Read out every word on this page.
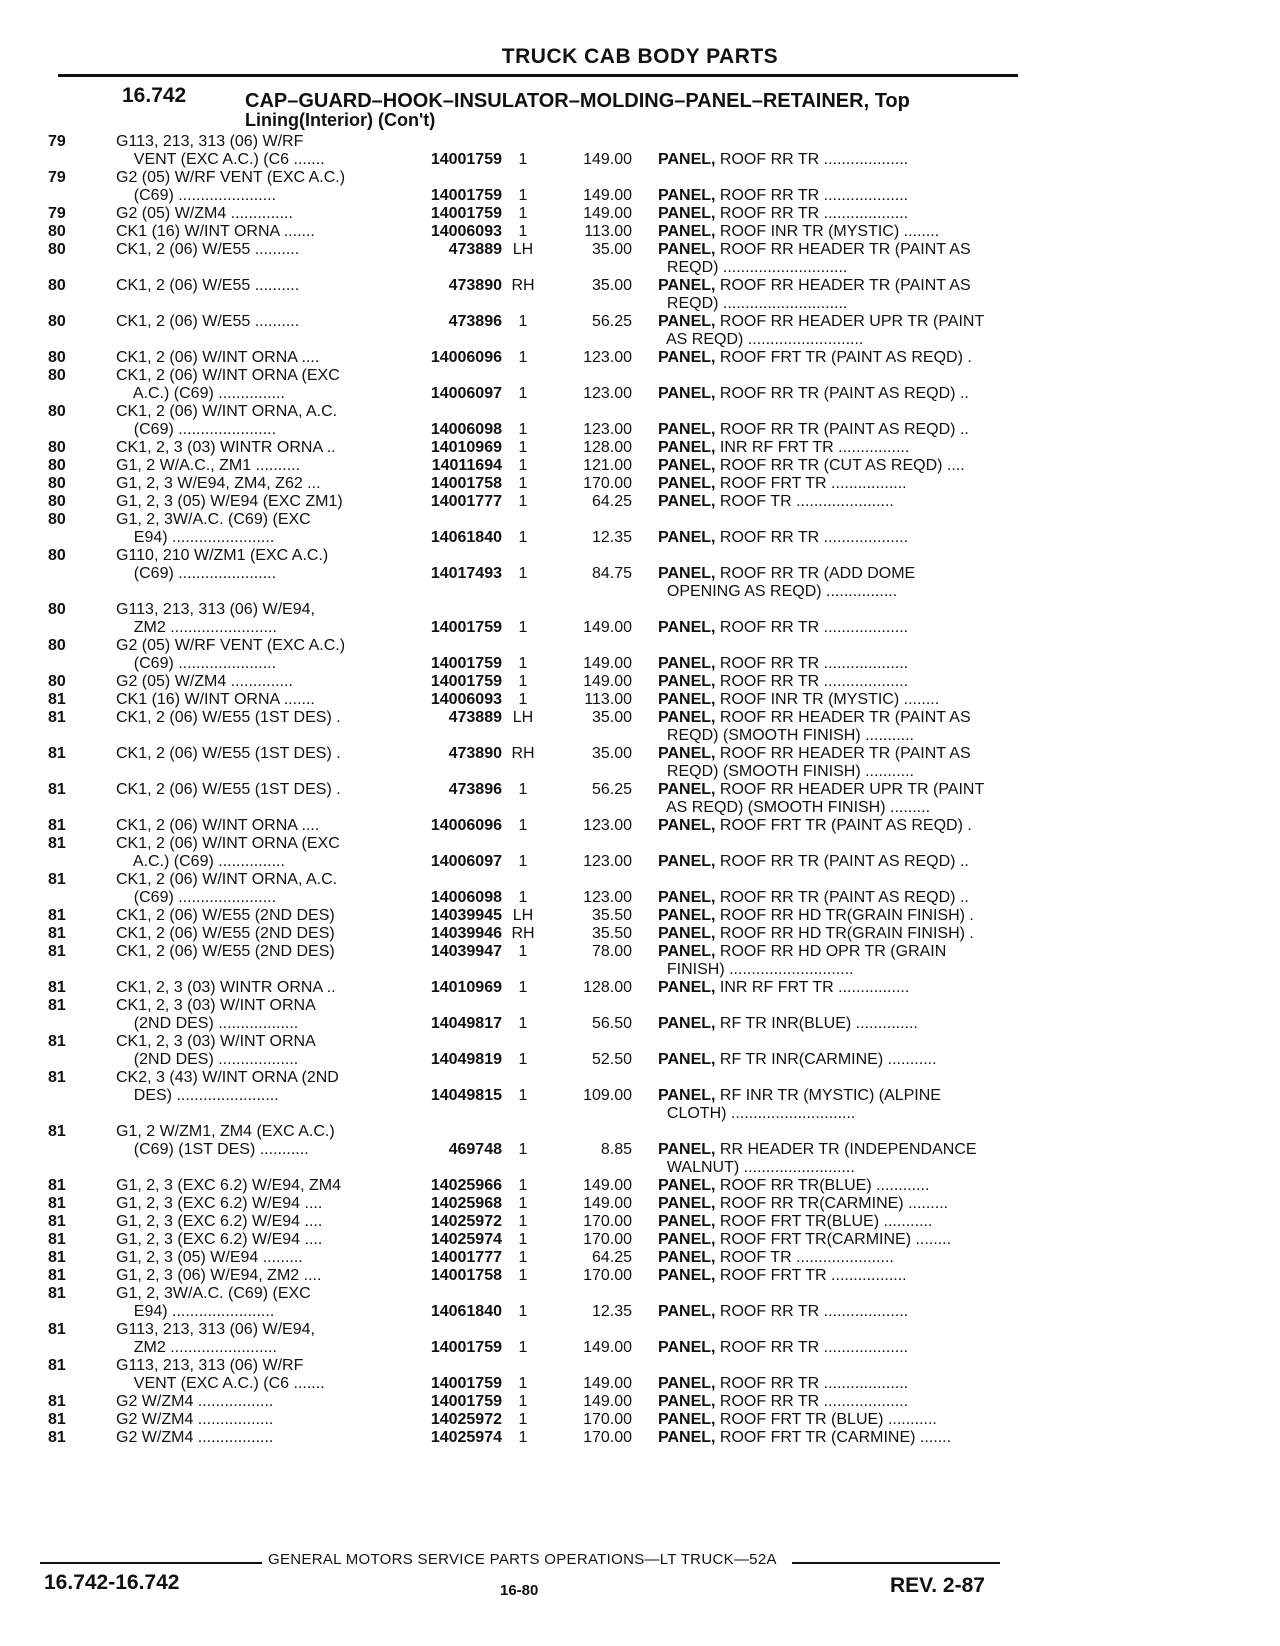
TRUCK CAB BODY PARTS
16.742	CAP–GUARD–HOOK–INSULATOR–MOLDING–PANEL–RETAINER, Top
Lining(Interior) (Con't)
79	G113, 213, 313 (06) W/RF
VENT (EXC A.C.) (C6 .......	14001759	1	149.00	PANEL, ROOF RR TR ...................
79	G2 (05) W/RF VENT (EXC A.C.)
(C69) ......................	14001759	1	149.00	PANEL, ROOF RR TR ...................
79	G2 (05) W/ZM4 ..............	14001759	1	149.00	PANEL, ROOF RR TR ...................
80	CK1 (16) W/INT ORNA .......	14006093	1	113.00	PANEL, ROOF INR TR (MYSTIC) ........
80	CK1, 2 (06) W/E55 ..........	473889 LH	35.00	PANEL, ROOF RR HEADER TR (PAINT AS
REQD) ............................
80	CK1, 2 (06) W/E55 ..........	473890 RH	35.00	PANEL, ROOF RR HEADER TR (PAINT AS
REQD) ............................
80	CK1, 2 (06) W/E55 ..........	473896	1	56.25	PANEL, ROOF RR HEADER UPR TR (PAINT
AS REQD) ..........................
80	CK1, 2 (06) W/INT ORNA ....	14006096	1	123.00	PANEL, ROOF FRT TR (PAINT AS REQD) .
80	CK1, 2 (06) W/INT ORNA (EXC
A.C.) (C69) ...............	14006097	1	123.00	PANEL, ROOF RR TR (PAINT AS REQD) ..
80	CK1, 2 (06) W/INT ORNA, A.C.
(C69) ......................	14006098	1	123.00	PANEL, ROOF RR TR (PAINT AS REQD) ..
80	CK1, 2, 3 (03) WINTR ORNA ..	14010969	1	128.00	PANEL, INR RF FRT TR ................
80	G1, 2 W/A.C., ZM1 ..........	14011694	1	121.00	PANEL, ROOF RR TR (CUT AS REQD) ....
80	G1, 2, 3 W/E94, ZM4, Z62 ...	14001758	1	170.00	PANEL, ROOF FRT TR .................
80	G1, 2, 3 (05) W/E94 (EXC ZM1)	14001777	1	64.25	PANEL, ROOF TR ......................
80	G1, 2, 3W/A.C. (C69) (EXC
E94) .......................	14061840	1	12.35	PANEL, ROOF RR TR ...................
80	G110, 210 W/ZM1 (EXC A.C.)
(C69) ......................	14017493	1	84.75	PANEL, ROOF RR TR (ADD DOME
OPENING AS REQD) ................
80	G113, 213, 313 (06) W/E94,
ZM2 ........................	14001759	1	149.00	PANEL, ROOF RR TR ...................
80	G2 (05) W/RF VENT (EXC A.C.)
(C69) ......................	14001759	1	149.00	PANEL, ROOF RR TR ...................
80	G2 (05) W/ZM4 ..............	14001759	1	149.00	PANEL, ROOF RR TR ...................
81	CK1 (16) W/INT ORNA .......	14006093	1	113.00	PANEL, ROOF INR TR (MYSTIC) ........
81	CK1, 2 (06) W/E55 (1ST DES) .	473889 LH	35.00	PANEL, ROOF RR HEADER TR (PAINT AS
REQD) (SMOOTH FINISH) ...........
81	CK1, 2 (06) W/E55 (1ST DES) .	473890 RH	35.00	PANEL, ROOF RR HEADER TR (PAINT AS
REQD) (SMOOTH FINISH) ...........
81	CK1, 2 (06) W/E55 (1ST DES) .	473896	1	56.25	PANEL, ROOF RR HEADER UPR TR (PAINT
AS REQD) (SMOOTH FINISH) .........
81	CK1, 2 (06) W/INT ORNA ....	14006096	1	123.00	PANEL, ROOF FRT TR (PAINT AS REQD) .
81	CK1, 2 (06) W/INT ORNA (EXC
A.C.) (C69) ...............	14006097	1	123.00	PANEL, ROOF RR TR (PAINT AS REQD) ..
81	CK1, 2 (06) W/INT ORNA, A.C.
(C69) ......................	14006098	1	123.00	PANEL, ROOF RR TR (PAINT AS REQD) ..
81	CK1, 2 (06) W/E55 (2ND DES)	14039945 LH	35.50	PANEL, ROOF RR HD TR(GRAIN FINISH) .
81	CK1, 2 (06) W/E55 (2ND DES)	14039946 RH	35.50	PANEL, ROOF RR HD TR(GRAIN FINISH) .
81	CK1, 2 (06) W/E55 (2ND DES)	14039947	1	78.00	PANEL, ROOF RR HD OPR TR (GRAIN
FINISH) ............................
81	CK1, 2, 3 (03) WINTR ORNA ..	14010969	1	128.00	PANEL, INR RF FRT TR ................
81	CK1, 2, 3 (03) W/INT ORNA
(2ND DES) ..................	14049817	1	56.50	PANEL, RF TR INR(BLUE) ..............
81	CK1, 2, 3 (03) W/INT ORNA
(2ND DES) ..................	14049819	1	52.50	PANEL, RF TR INR(CARMINE) ...........
81	CK2, 3 (43) W/INT ORNA (2ND
DES) .......................	14049815	1	109.00	PANEL, RF INR TR (MYSTIC) (ALPINE
CLOTH) ............................
81	G1, 2 W/ZM1, ZM4 (EXC A.C.)
(C69) (1ST DES) ...........	469748	1	8.85	PANEL, RR HEADER TR (INDEPENDANCE
WALNUT) .........................
81	G1, 2, 3 (EXC 6.2) W/E94, ZM4	14025966	1	149.00	PANEL, ROOF RR TR(BLUE) ............
81	G1, 2, 3 (EXC 6.2) W/E94 ....	14025968	1	149.00	PANEL, ROOF RR TR(CARMINE) .........
81	G1, 2, 3 (EXC 6.2) W/E94 ....	14025972	1	170.00	PANEL, ROOF FRT TR(BLUE) ...........
81	G1, 2, 3 (EXC 6.2) W/E94 ....	14025974	1	170.00	PANEL, ROOF FRT TR(CARMINE) ........
81	G1, 2, 3 (05) W/E94 .........	14001777	1	64.25	PANEL, ROOF TR ......................
81	G1, 2, 3 (06) W/E94, ZM2 ....	14001758	1	170.00	PANEL, ROOF FRT TR .................
81	G1, 2, 3W/A.C. (C69) (EXC
E94) .......................	14061840	1	12.35	PANEL, ROOF RR TR ...................
81	G113, 213, 313 (06) W/E94,
ZM2 ........................	14001759	1	149.00	PANEL, ROOF RR TR ...................
81	G113, 213, 313 (06) W/RF
VENT (EXC A.C.) (C6 .......	14001759	1	149.00	PANEL, ROOF RR TR ...................
81	G2 W/ZM4 .................	14001759	1	149.00	PANEL, ROOF RR TR ...................
81	G2 W/ZM4 .................	14025972	1	170.00	PANEL, ROOF FRT TR (BLUE) ...........
81	G2 W/ZM4 .................	14025974	1	170.00	PANEL, ROOF FRT TR (CARMINE) .......
GENERAL MOTORS SERVICE PARTS OPERATIONS—LT TRUCK—52A
16.742-16.742	16-80	REV. 2-87
